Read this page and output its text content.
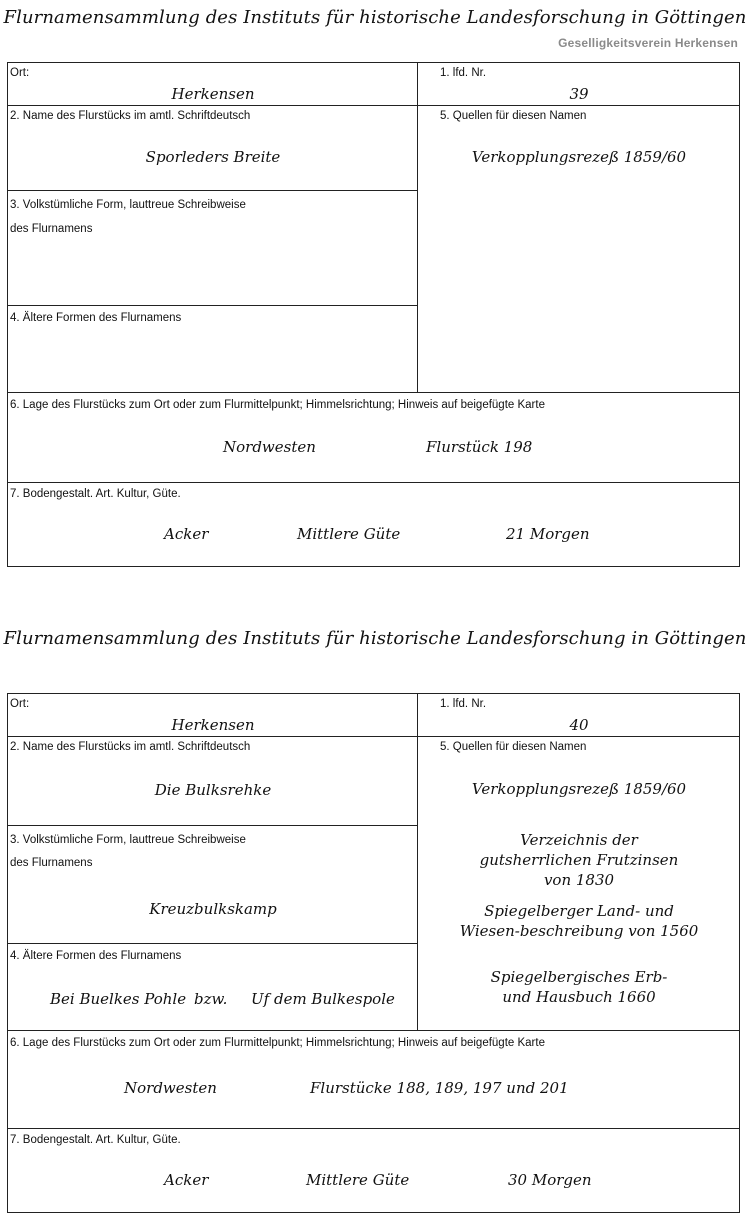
Flurnamensammlung des Instituts für historische Landesforschung in Göttingen
Geselligkeitsverein Herkensen
Ort:
Herkensen
1. lfd. Nr.
39
2. Name des Flurstücks im amtl. Schriftdeutsch
Sporleders Breite
3. Volkstümliche Form, lauttreue Schreibweise
des Flurnamens
4. Ältere Formen des Flurnamens
5. Quellen für diesen Namen
Verkopplungsrezeß 1859/60
6. Lage des Flurstücks zum Ort oder zum Flurmittelpunkt; Himmelsrichtung; Hinweis auf beigefügte Karte
Nordwesten	Flurstück 198
7. Bodengestalt. Art. Kultur, Güte.
Acker	Mittlere Güte	21 Morgen
Flurnamensammlung des Instituts für historische Landesforschung in Göttingen
Ort:
Herkensen
1. lfd. Nr.
40
2. Name des Flurstücks im amtl. Schriftdeutsch
Die Bulksrehke
3. Volkstümliche Form, lauttreue Schreibweise
des Flurnamens
Kreuzbulkskamp
4. Ältere Formen des Flurnamens
Bei Buelkes Pohle bzw. Uf dem Bulkespole
5. Quellen für diesen Namen
Verkopplungsrezeß 1859/60
Verzeichnis der gutsherrlichen Frutzinsen von 1830
Spiegelberger Land- und Wiesen-beschreibung von 1560
Spiegelbergisches Erb- und Hausbuch 1660
6. Lage des Flurstücks zum Ort oder zum Flurmittelpunkt; Himmelsrichtung; Hinweis auf beigefügte Karte
Nordwesten	Flurstücke 188, 189, 197 und 201
7. Bodengestalt. Art. Kultur, Güte.
Acker	Mittlere Güte	30 Morgen
